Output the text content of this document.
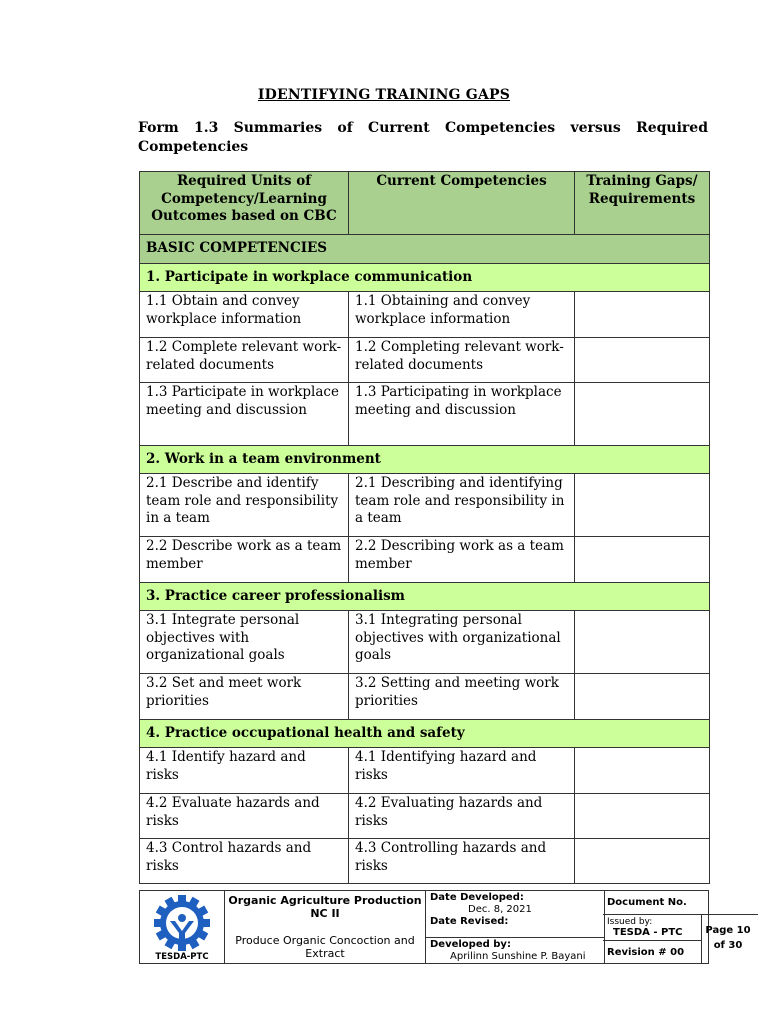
IDENTIFYING TRAINING GAPS
Form 1.3 Summaries of Current Competencies versus Required Competencies
Required Units of Competency/Learning Outcomes based on CBC	Current Competencies	Training Gaps/ Requirements
BASIC COMPETENCIES		
1. Participate in workplace communication		
1.1 Obtain and convey workplace information	1.1 Obtaining and convey workplace information	
1.2 Complete relevant work-related documents	1.2 Completing relevant work-related documents	
1.3 Participate in workplace meeting and discussion	1.3 Participating in workplace meeting and discussion	
2. Work in a team environment		
2.1 Describe and identify team role and responsibility in a team	2.1 Describing and identifying team role and responsibility in a team	
2.2 Describe work as a team member	2.2 Describing work as a team member	
3. Practice career professionalism		
3.1 Integrate personal objectives with organizational goals	3.1 Integrating personal objectives with organizational goals	
3.2 Set and meet work priorities	3.2 Setting and meeting work priorities	
4. Practice occupational health and safety		
4.1 Identify hazard and risks	4.1 Identifying hazard and risks	
4.2 Evaluate hazards and risks	4.2 Evaluating hazards and risks	
4.3 Control hazards and risks	4.3 Controlling hazards and risks	
TESDA-PTC
Organic Agriculture Production NC II
Produce Organic Concoction and Extract
Date Developed:
Dec. 8, 2021
Date Revised:
Developed by:
Aprilinn Sunshine P. Bayani
Document No.
Issued by:
TESDA - PTC
Revision # 00
Page 10
of 30
